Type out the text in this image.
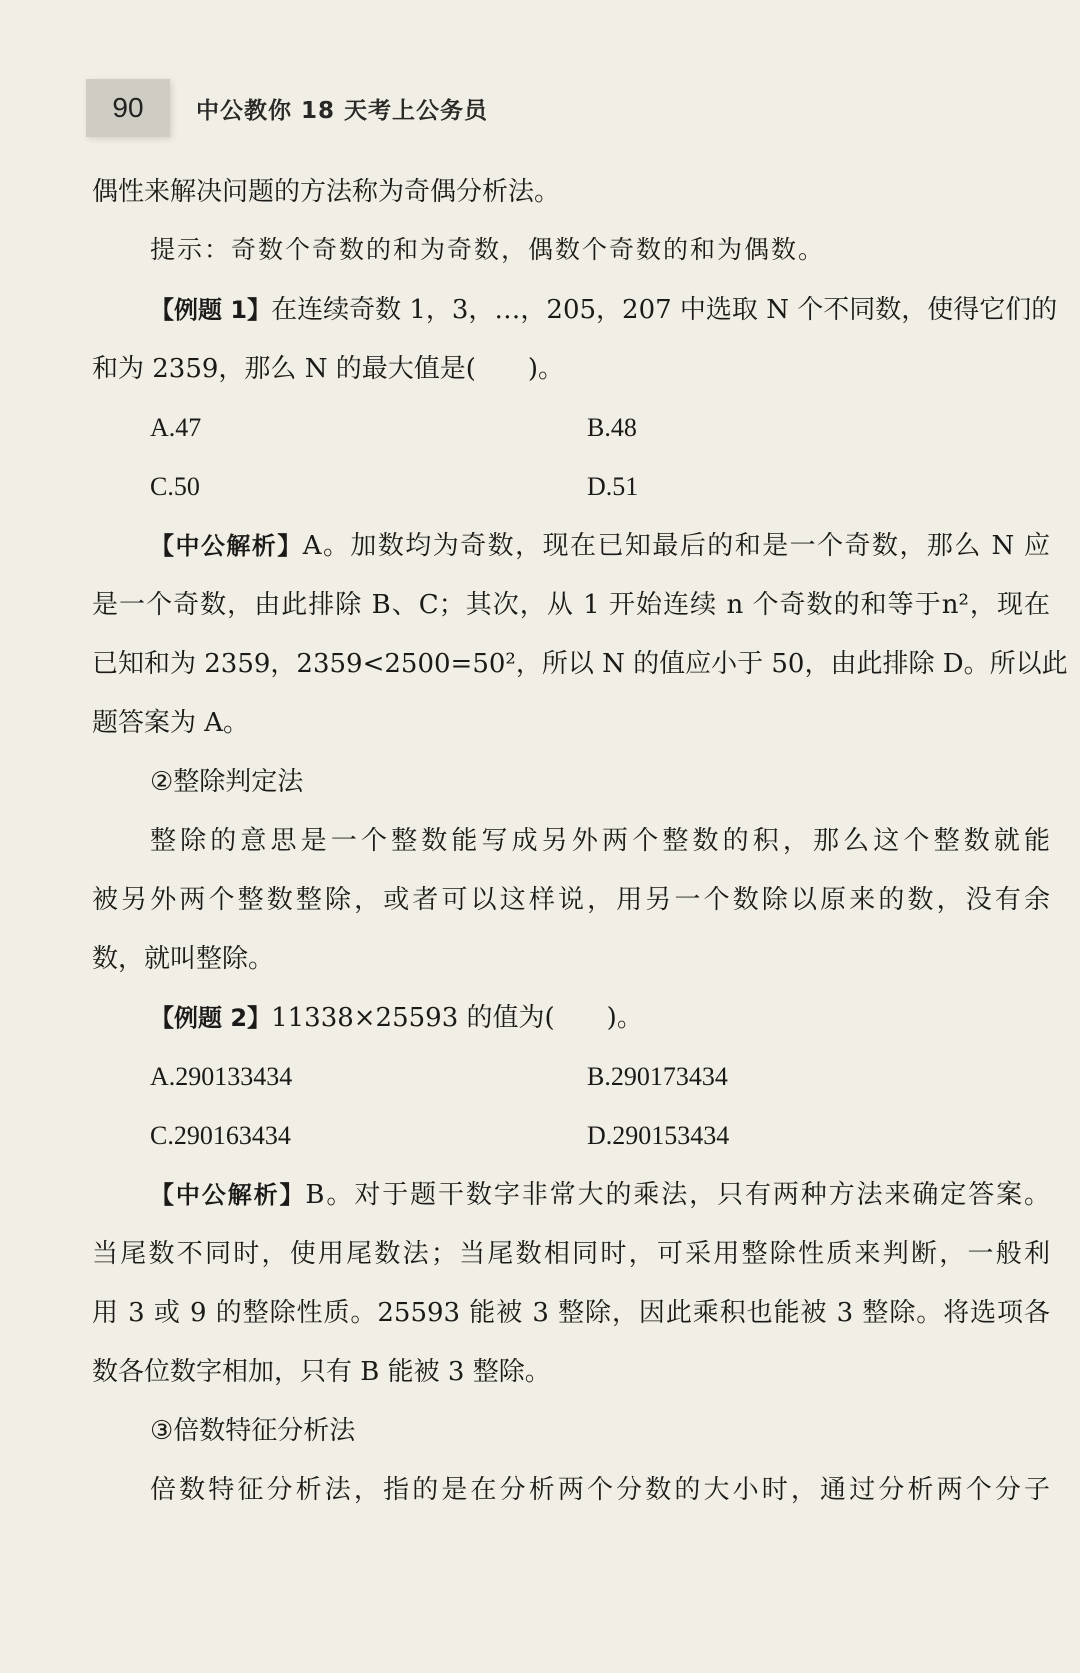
90	中公教你 18 天考上公务员
偶性来解决问题的方法称为奇偶分析法。
提示：奇数个奇数的和为奇数，偶数个奇数的和为偶数。
【例题 1】在连续奇数 1，3，…，205，207 中选取 N 个不同数，使得它们的
和为 2359，那么 N 的最大值是(　　)。
A.47	B.48
C.50	D.51
【中公解析】A。加数均为奇数，现在已知最后的和是一个奇数，那么 N 应
是一个奇数，由此排除 B、C；其次，从 1 开始连续 n 个奇数的和等于n²，现在
已知和为 2359，2359<2500=50²，所以 N 的值应小于 50，由此排除 D。所以此
题答案为 A。
②整除判定法
整除的意思是一个整数能写成另外两个整数的积，那么这个整数就能
被另外两个整数整除，或者可以这样说，用另一个数除以原来的数，没有余
数，就叫整除。
【例题 2】11338×25593 的值为(　　)。
A.290133434	B.290173434
C.290163434	D.290153434
【中公解析】B。对于题干数字非常大的乘法，只有两种方法来确定答案。
当尾数不同时，使用尾数法；当尾数相同时，可采用整除性质来判断，一般利
用 3 或 9 的整除性质。25593 能被 3 整除，因此乘积也能被 3 整除。将选项各
数各位数字相加，只有 B 能被 3 整除。
③倍数特征分析法
倍数特征分析法，指的是在分析两个分数的大小时，通过分析两个分子
